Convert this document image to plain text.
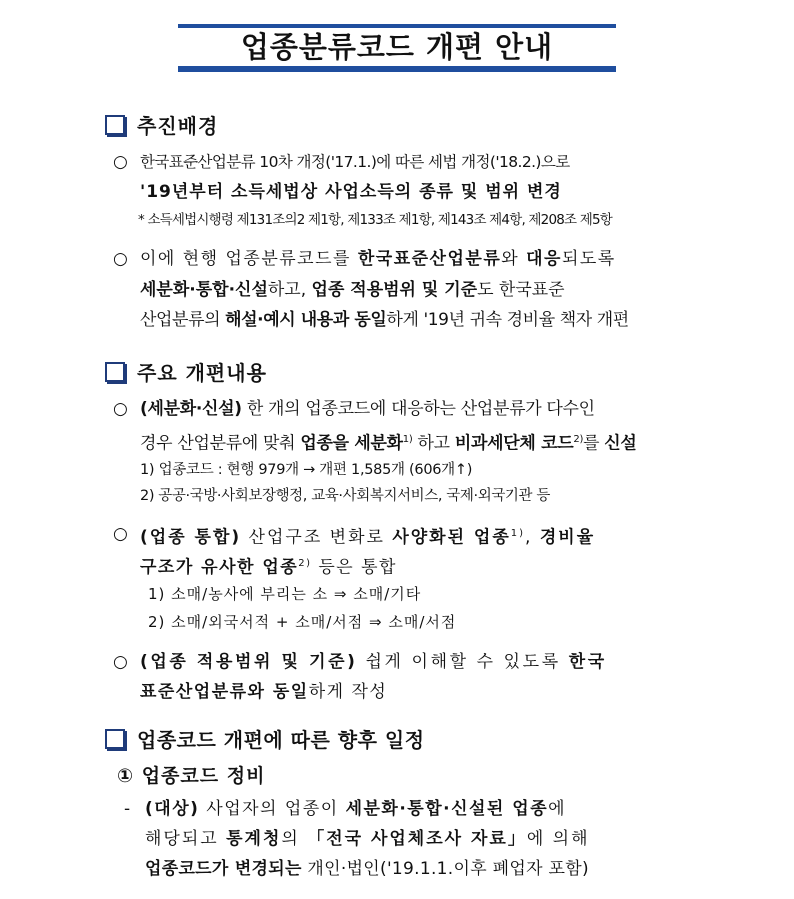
업종분류코드 개편 안내
추진배경
○ 한국표준산업분류 10차 개정('17.1.)에 따른 세법 개정('18.2.)으로
'19년부터 소득세법상 사업소득의 종류 및 범위 변경
* 소득세법시행령 제131조의2 제1항, 제133조 제1항, 제143조 제4항, 제208조 제5항
○ 이에 현행 업종분류코드를 한국표준산업분류와 대응되도록
세분화·통합·신설하고, 업종 적용범위 및 기준도 한국표준
산업분류의 해설·예시 내용과 동일하게 '19년 귀속 경비율 책자 개편
주요 개편내용
○ (세분화·신설) 한 개의 업종코드에 대응하는 산업분류가 다수인
경우 산업분류에 맞춰 업종을 세분화$^{1)}$ 하고 비과세단체 코드$^{2)}$를 신설
1) 업종코드 : 현행 979개 → 개편 1,585개 (606개↑)
2) 공공·국방·사회보장행정, 교육·사회복지서비스, 국제·외국기관 등
○ (업종 통합) 산업구조 변화로 사양화된 업종$^{1)}$, 경비율
구조가 유사한 업종$^{2)}$ 등은 통합
1) 소매/농사에 부리는 소 ⇒ 소매/기타
2) 소매/외국서적 + 소매/서점 ⇒ 소매/서점
○ (업종 적용범위 및 기준) 쉽게 이해할 수 있도록 한국
표준산업분류와 동일하게 작성
업종코드 개편에 따른 향후 일정
① 업종코드 정비
- (대상) 사업자의 업종이 세분화·통합·신설된 업종에
해당되고 통계청의 「전국 사업체조사 자료」에 의해
업종코드가 변경되는 개인·법인('19.1.1.이후 폐업자 포함)
